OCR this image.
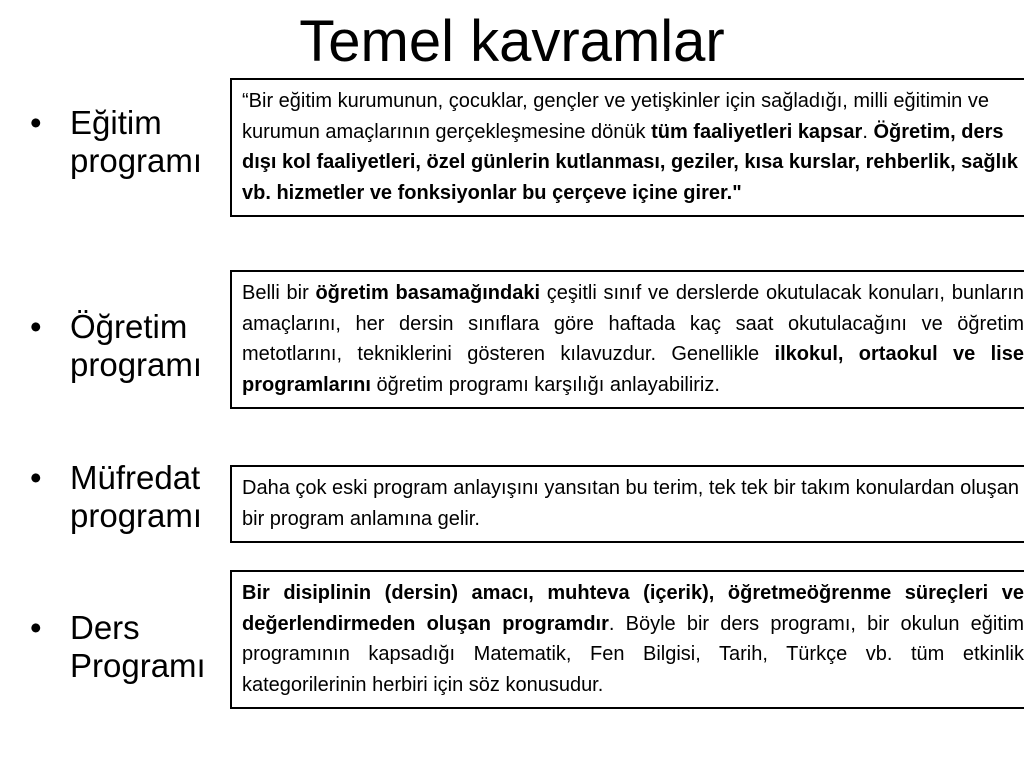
Temel kavramlar
• Eğitim
programı
“Bir eğitim kurumunun, çocuklar, gençler ve yetişkinler için sağladığı, milli eğitimin ve kurumun amaçlarının gerçekleşmesine dönük tüm faaliyetleri kapsar. Öğretim, ders dışı kol faaliyetleri, özel günlerin kutlanması, geziler, kısa kurslar, rehberlik, sağlık vb. hizmetler ve fonksiyonlar bu çerçeve içine girer."
• Öğretim
programı
Belli bir öğretim basamağındaki çeşitli sınıf ve derslerde okutulacak konuları, bunların amaçlarını, her dersin sınıflara göre haftada kaç saat okutulacağını ve öğretim metotlarını, tekniklerini gösteren kılavuzdur. Genellikle ilkokul, ortaokul ve lise programlarını öğretim programı karşılığı anlayabiliriz.
• Müfredat
programı
Daha çok eski program anlayışını yansıtan bu terim, tek tek bir takım konulardan oluşan bir program anlamına gelir.
• Ders
Programı
Bir disiplinin (dersin) amacı, muhteva (içerik), öğretmeöğrenme süreçleri ve değerlendirmeden oluşan programdır. Böyle bir ders programı, bir okulun eğitim programının kapsadığı Matematik, Fen Bilgisi, Tarih, Türkçe vb. tüm etkinlik kategorilerinin herbiri için söz konusudur.
